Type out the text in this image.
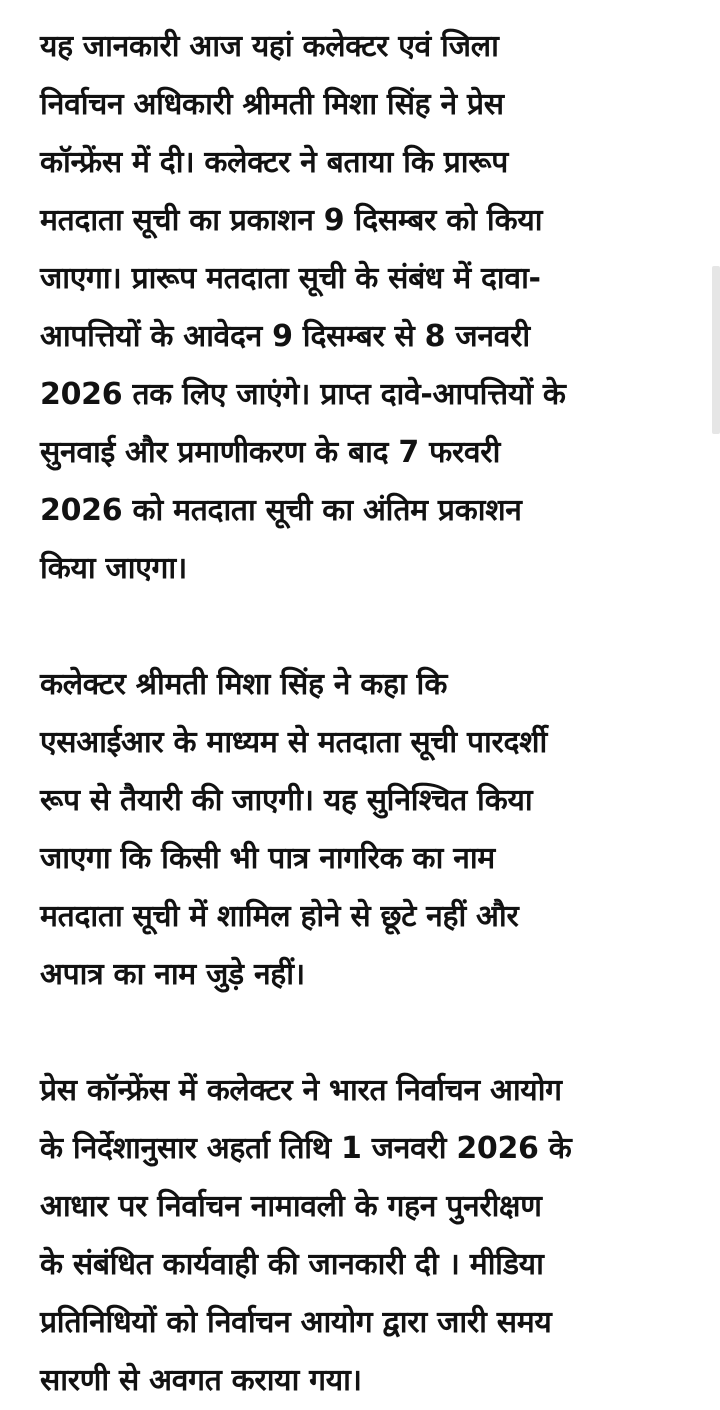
यह जानकारी आज यहां कलेक्टर एवं जिला
निर्वाचन अधिकारी श्रीमती मिशा सिंह ने प्रेस
कॉन्फ्रेंस में दी। कलेक्टर ने बताया कि प्रारूप
मतदाता सूची का प्रकाशन 9 दिसम्बर को किया
जाएगा। प्रारूप मतदाता सूची के संबंध में दावा-
आपत्तियों के आवेदन 9 दिसम्बर से 8 जनवरी
2026 तक लिए जाएंगे। प्राप्त दावे-आपत्तियों के
सुनवाई और प्रमाणीकरण के बाद 7 फरवरी
2026 को मतदाता सूची का अंतिम प्रकाशन
किया जाएगा।
कलेक्टर श्रीमती मिशा सिंह ने कहा कि
एसआईआर के माध्यम से मतदाता सूची पारदर्शी
रूप से तैयारी की जाएगी। यह सुनिश्चित किया
जाएगा कि किसी भी पात्र नागरिक का नाम
मतदाता सूची में शामिल होने से छूटे नहीं और
अपात्र का नाम जुड़े नहीं।
प्रेस कॉन्फ्रेंस में कलेक्टर ने भारत निर्वाचन आयोग
के निर्देशानुसार अहर्ता तिथि 1 जनवरी 2026 के
आधार पर निर्वाचन नामावली के गहन पुनरीक्षण
के संबंधित कार्यवाही की जानकारी दी । मीडिया
प्रतिनिधियों को निर्वाचन आयोग द्वारा जारी समय
सारणी से अवगत कराया गया।
